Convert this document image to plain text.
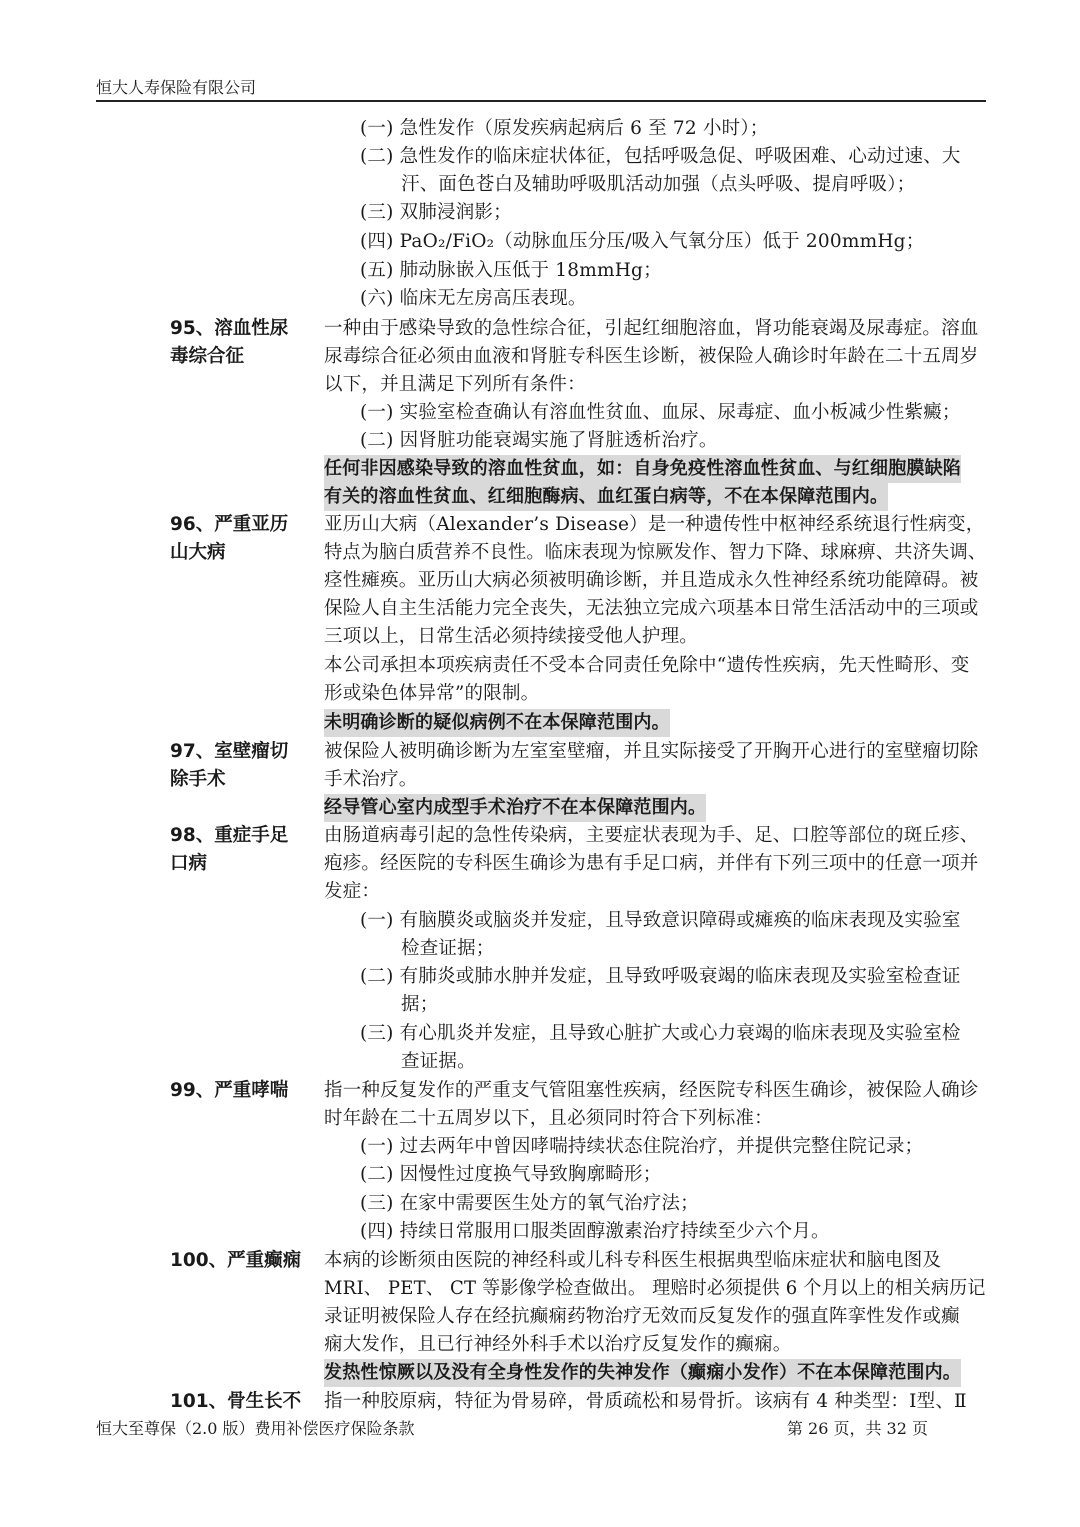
恒大人寿保险有限公司
95、溶血性尿
毒综合征
96、严重亚历
山大病
97、室壁瘤切
除手术
98、重症手足
口病
99、严重哮喘
100、严重癫痫
101、骨生长不
(一) 急性发作（原发疾病起病后 6 至 72 小时）；
(二) 急性发作的临床症状体征，包括呼吸急促、呼吸困难、心动过速、大
汗、面色苍白及辅助呼吸肌活动加强（点头呼吸、提肩呼吸）；
(三) 双肺浸润影；
(四) PaO₂/FiO₂（动脉血压分压/吸入气氧分压）低于 200mmHg；
(五) 肺动脉嵌入压低于 18mmHg；
(六) 临床无左房高压表现。
一种由于感染导致的急性综合征，引起红细胞溶血，肾功能衰竭及尿毒症。溶血
尿毒综合征必须由血液和肾脏专科医生诊断，被保险人确诊时年龄在二十五周岁
以下，并且满足下列所有条件：
(一) 实验室检查确认有溶血性贫血、血尿、尿毒症、血小板减少性紫癜；
(二) 因肾脏功能衰竭实施了肾脏透析治疗。
任何非因感染导致的溶血性贫血，如：自身免疫性溶血性贫血、与红细胞膜缺陷
有关的溶血性贫血、红细胞酶病、血红蛋白病等，不在本保障范围内。
亚历山大病（Alexander’s Disease）是一种遗传性中枢神经系统退行性病变，
特点为脑白质营养不良性。临床表现为惊厥发作、智力下降、球麻痹、共济失调、
痉性瘫痪。亚历山大病必须被明确诊断，并且造成永久性神经系统功能障碍。被
保险人自主生活能力完全丧失，无法独立完成六项基本日常生活活动中的三项或
三项以上，日常生活必须持续接受他人护理。
本公司承担本项疾病责任不受本合同责任免除中“遗传性疾病，先天性畸形、变
形或染色体异常”的限制。
未明确诊断的疑似病例不在本保障范围内。
被保险人被明确诊断为左室室壁瘤，并且实际接受了开胸开心进行的室壁瘤切除
手术治疗。
经导管心室内成型手术治疗不在本保障范围内。
由肠道病毒引起的急性传染病，主要症状表现为手、足、口腔等部位的斑丘疹、
疱疹。经医院的专科医生确诊为患有手足口病，并伴有下列三项中的任意一项并
发症：
(一) 有脑膜炎或脑炎并发症，且导致意识障碍或瘫痪的临床表现及实验室
检查证据；
(二) 有肺炎或肺水肿并发症，且导致呼吸衰竭的临床表现及实验室检查证
据；
(三) 有心肌炎并发症，且导致心脏扩大或心力衰竭的临床表现及实验室检
查证据。
指一种反复发作的严重支气管阻塞性疾病，经医院专科医生确诊，被保险人确诊
时年龄在二十五周岁以下，且必须同时符合下列标准：
(一) 过去两年中曾因哮喘持续状态住院治疗，并提供完整住院记录；
(二) 因慢性过度换气导致胸廓畸形；
(三) 在家中需要医生处方的氧气治疗法；
(四) 持续日常服用口服类固醇激素治疗持续至少六个月。
本病的诊断须由医院的神经科或儿科专科医生根据典型临床症状和脑电图及
MRI、 PET、 CT 等影像学检查做出。 理赔时必须提供 6 个月以上的相关病历记
录证明被保险人存在经抗癫痫药物治疗无效而反复发作的强直阵挛性发作或癫
痫大发作，且已行神经外科手术以治疗反复发作的癫痫。
发热性惊厥以及没有全身性发作的失神发作（癫痫小发作）不在本保障范围内。
指一种胶原病，特征为骨易碎，骨质疏松和易骨折。该病有 4 种类型：Ⅰ型、Ⅱ
恒大至尊保（2.0 版）费用补偿医疗保险条款	第 26 页，共 32 页
